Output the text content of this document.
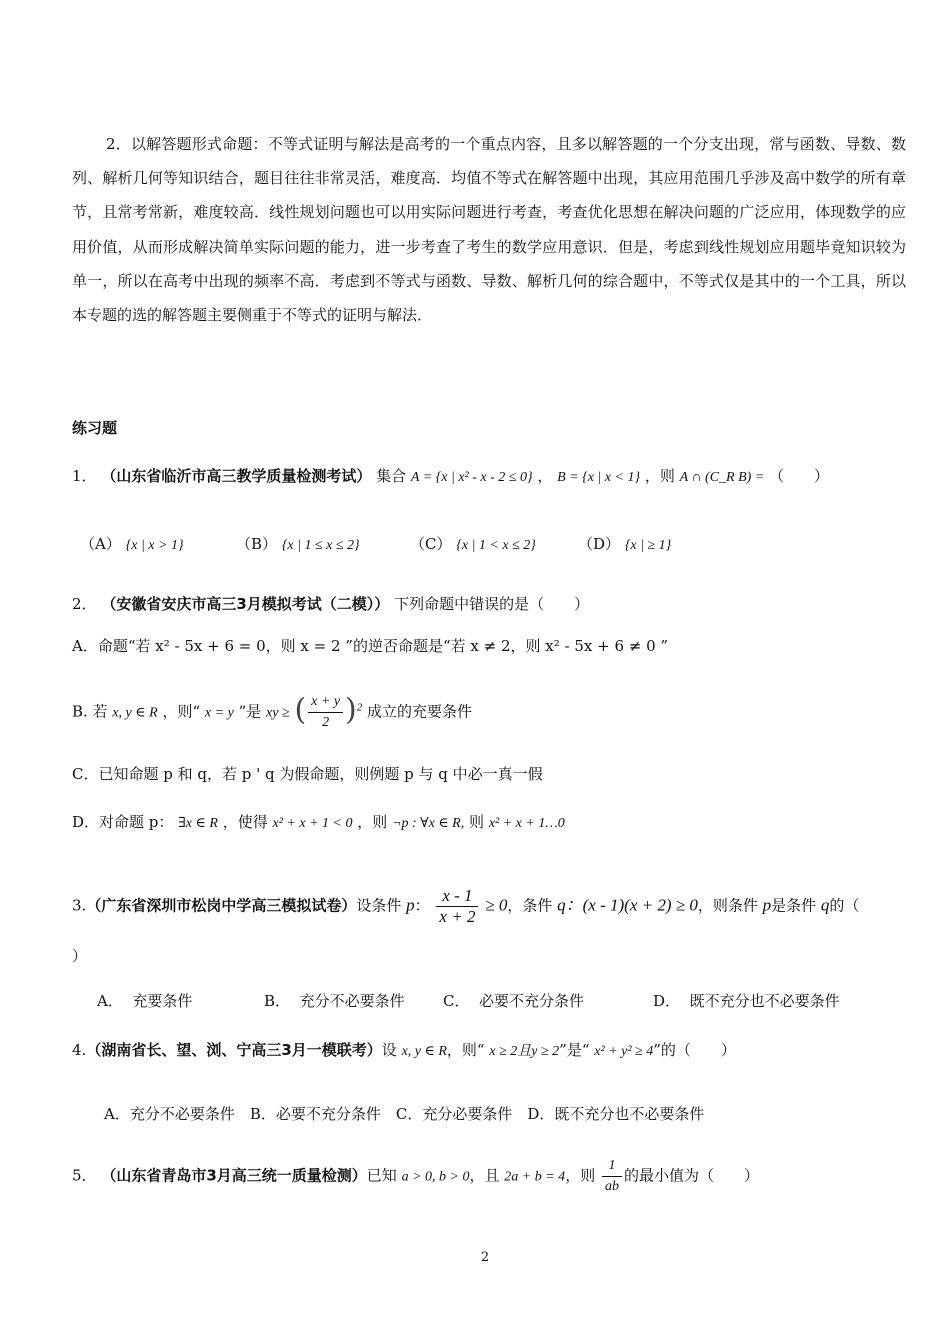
2．以解答题形式命题：不等式证明与解法是高考的一个重点内容，且多以解答题的一个分支出现，常与函数、导数、数列、解析几何等知识结合，题目往往非常灵活，难度高．均值不等式在解答题中出现，其应用范围几乎涉及高中数学的所有章节，且常考常新，难度较高．线性规划问题也可以用实际问题进行考查，考查优化思想在解决问题的广泛应用，体现数学的应用价值，从而形成解决简单实际问题的能力，进一步考查了考生的数学应用意识．但是，考虑到线性规划应用题毕竟知识较为单一，所以在高考中出现的频率不高．考虑到不等式与函数、导数、解析几何的综合题中，不等式仅是其中的一个工具，所以本专题的选的解答题主要侧重于不等式的证明与解法．
练习题
1． （山东省临沂市高三教学质量检测考试） 集合 A = {x | x² - x - 2 ≤ 0} ， B = {x | x < 1} ，则 A ∩ (C_R B) = （　　）
（A） {x | x > 1}	（B） {x | 1 ≤ x ≤ 2}	（C） {x | 1 < x ≤ 2}	（D） {x | ≥ 1}
2． （安徽省安庆市高三3月模拟考试（二模）） 下列命题中错误的是（　　）
A．命题“若 x² - 5x + 6 = 0，则 x = 2 ”的逆否命题是“若 x ≠ 2，则 x² - 5x + 6 ≠ 0 ”
B. 若 x, y ∈ R ，则“ x = y ”是 xy ≥ ( $\frac{x + y}{2} )^2$ 成立的充要条件
C．已知命题 p 和 q，若 p ' q 为假命题，则例题 p 与 q 中必一真一假
D．对命题 p： ∃x ∈ R ，使得 x² + x + 1 < 0 ，则 ¬p : ∀x ∈ R, 则 x² + x + 1…0
3.（广东省深圳市松岗中学高三模拟试卷）设条件 p： $\frac{x - 1}{x + 2} \ge 0$，条件 q：(x - 1)(x + 2) ≥ 0，则条件 p是条件 q的（
）
A． 充要条件	B． 充分不必要条件	C． 必要不充分条件	D． 既不充分也不必要条件
4.（湖南省长、望、浏、宁高三3月一模联考）设 x, y ∈ R，则“ x ≥ 2且y ≥ 2”是“ x² + y² ≥ 4”的（　　）
A．充分不必要条件　B．必要不充分条件　C．充分必要条件　D．既不充分也不必要条件
5． （山东省青岛市3月高三统一质量检测）已知 a > 0, b > 0，且 2a + b = 4，则 $\frac{1}{ab}$ 的最小值为（　　）
2
